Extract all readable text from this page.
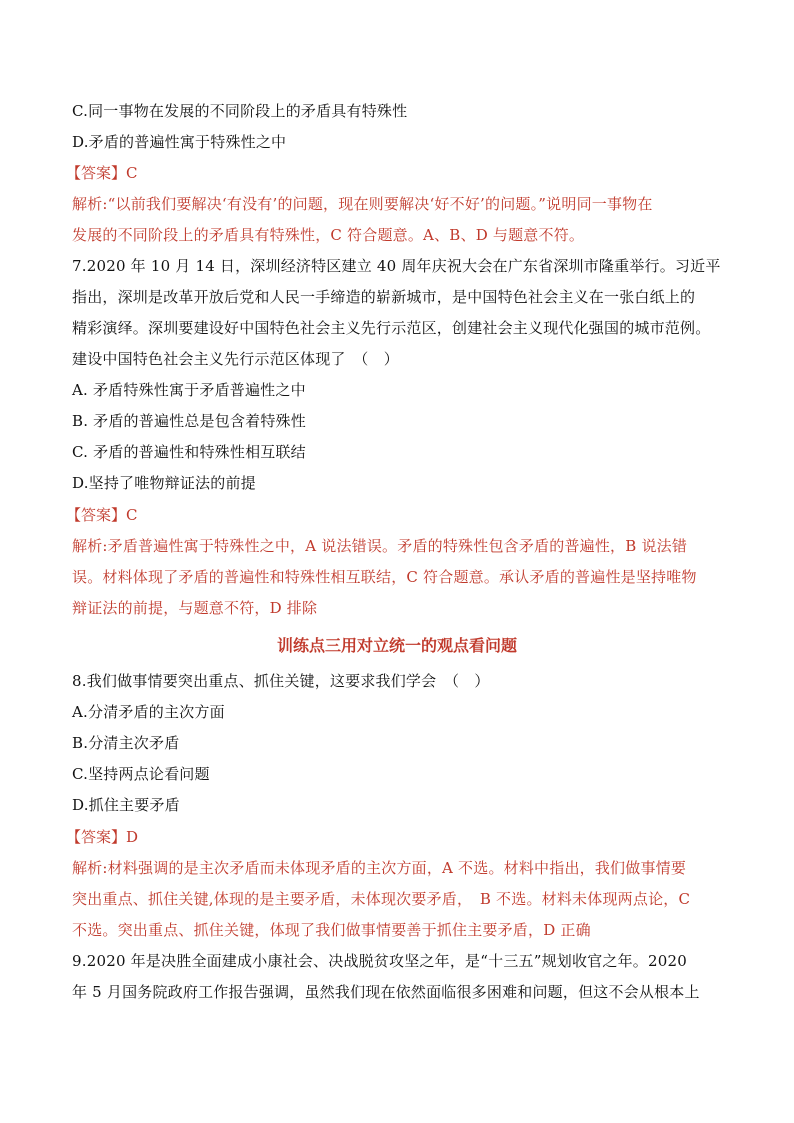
C.同一事物在发展的不同阶段上的矛盾具有特殊性
D.矛盾的普遍性寓于特殊性之中
【答案】C
解析:“以前我们要解决‘有没有’的问题，现在则要解决‘好不好’的问题。”说明同一事物在
发展的不同阶段上的矛盾具有特殊性，C 符合题意。A、B、D 与题意不符。
7.2020 年 10 月 14 日，深圳经济特区建立 40 周年庆祝大会在广东省深圳市隆重举行。习近平
指出，深圳是改革开放后党和人民一手缔造的崭新城市，是中国特色社会主义在一张白纸上的
精彩演绎。深圳要建设好中国特色社会主义先行示范区，创建社会主义现代化强国的城市范例。
建设中国特色社会主义先行示范区体现了　（　）
A. 矛盾特殊性寓于矛盾普遍性之中
B. 矛盾的普遍性总是包含着特殊性
C. 矛盾的普遍性和特殊性相互联结
D.坚持了唯物辩证法的前提
【答案】C
解析:矛盾普遍性寓于特殊性之中，A 说法错误。矛盾的特殊性包含矛盾的普遍性，B 说法错
误。材料体现了矛盾的普遍性和特殊性相互联结，C 符合题意。承认矛盾的普遍性是坚持唯物
辩证法的前提，与题意不符，D 排除
训练点三用对立统一的观点看问题
8.我们做事情要突出重点、抓住关键，这要求我们学会　（　）
A.分清矛盾的主次方面
B.分清主次矛盾
C.坚持两点论看问题
D.抓住主要矛盾
【答案】D
解析:材料强调的是主次矛盾而未体现矛盾的主次方面，A 不选。材料中指出，我们做事情要
突出重点、抓住关键,体现的是主要矛盾，未体现次要矛盾，　B 不选。材料未体现两点论，C
不选。突出重点、抓住关键，体现了我们做事情要善于抓住主要矛盾，D 正确
9.2020 年是决胜全面建成小康社会、决战脱贫攻坚之年，是“十三五”规划收官之年。2020
年 5 月国务院政府工作报告强调，虽然我们现在依然面临很多困难和问题，但这不会从根本上
